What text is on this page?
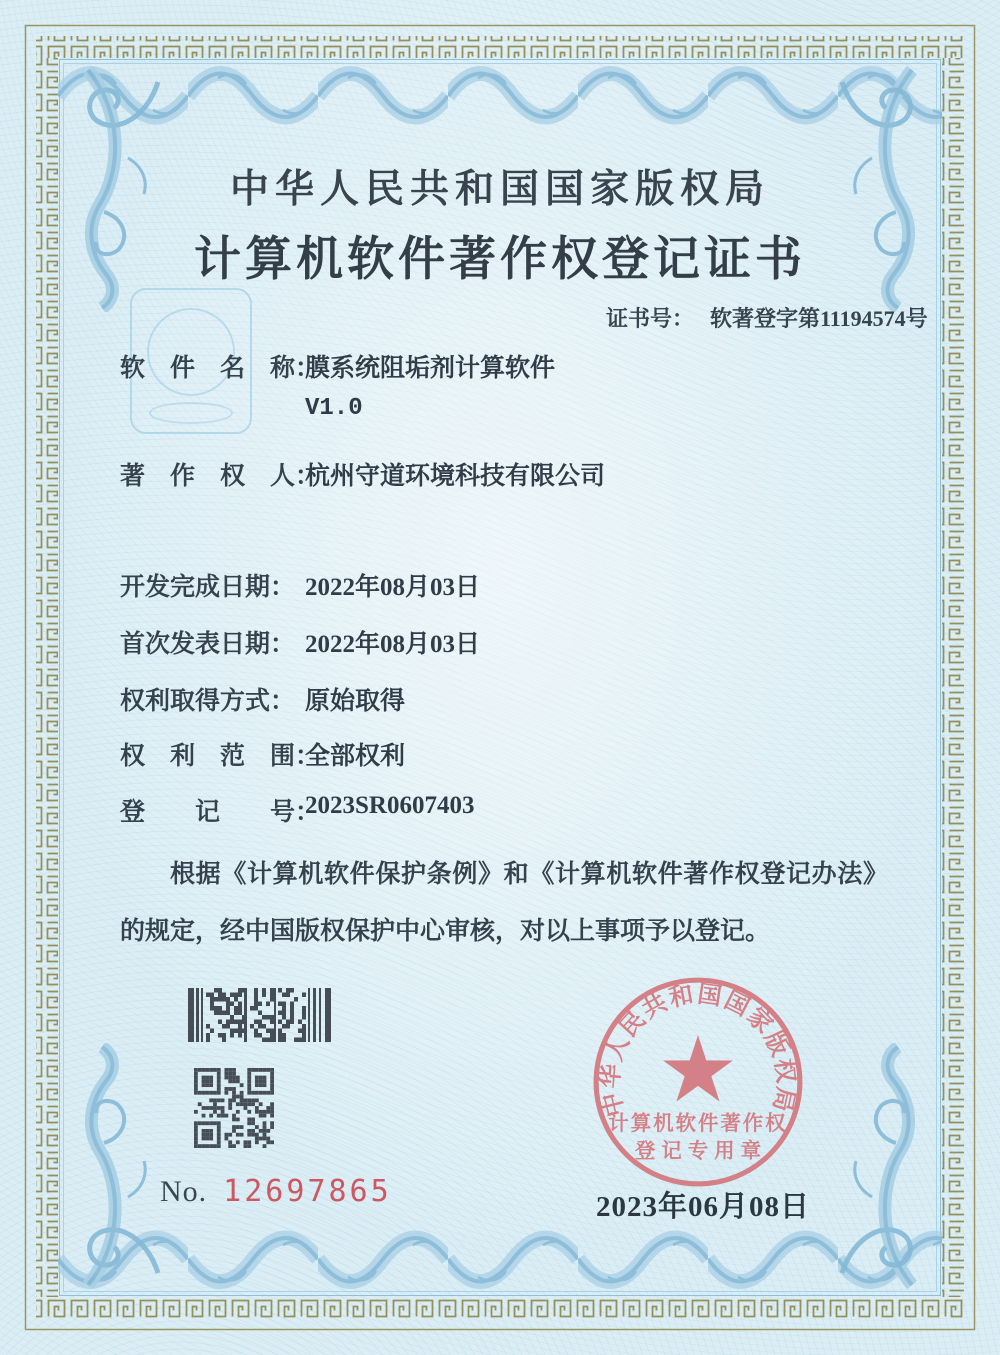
中华人民共和国国家版权局
计算机软件著作权登记证书
证书号： 软著登字第11194574号
软　件　名　称：
膜系统阻垢剂计算软件
V1.0
著　作　权　人：
杭州守道环境科技有限公司
开发完成日期： 2022年08月03日
首次发表日期： 2022年08月03日
权利取得方式： 原始取得
权　利　范　围：
全部权利
登　　记　　号：
2023SR0607403

根据《计算机软件保护条例》和《计算机软件著作权登记办法》的规定，经中国版权保护中心审核，对以上事项予以登记。

No. 12697865
中华人民共和国国家版权局
计算机软件著作权
登记专用章
2023年06月08日
